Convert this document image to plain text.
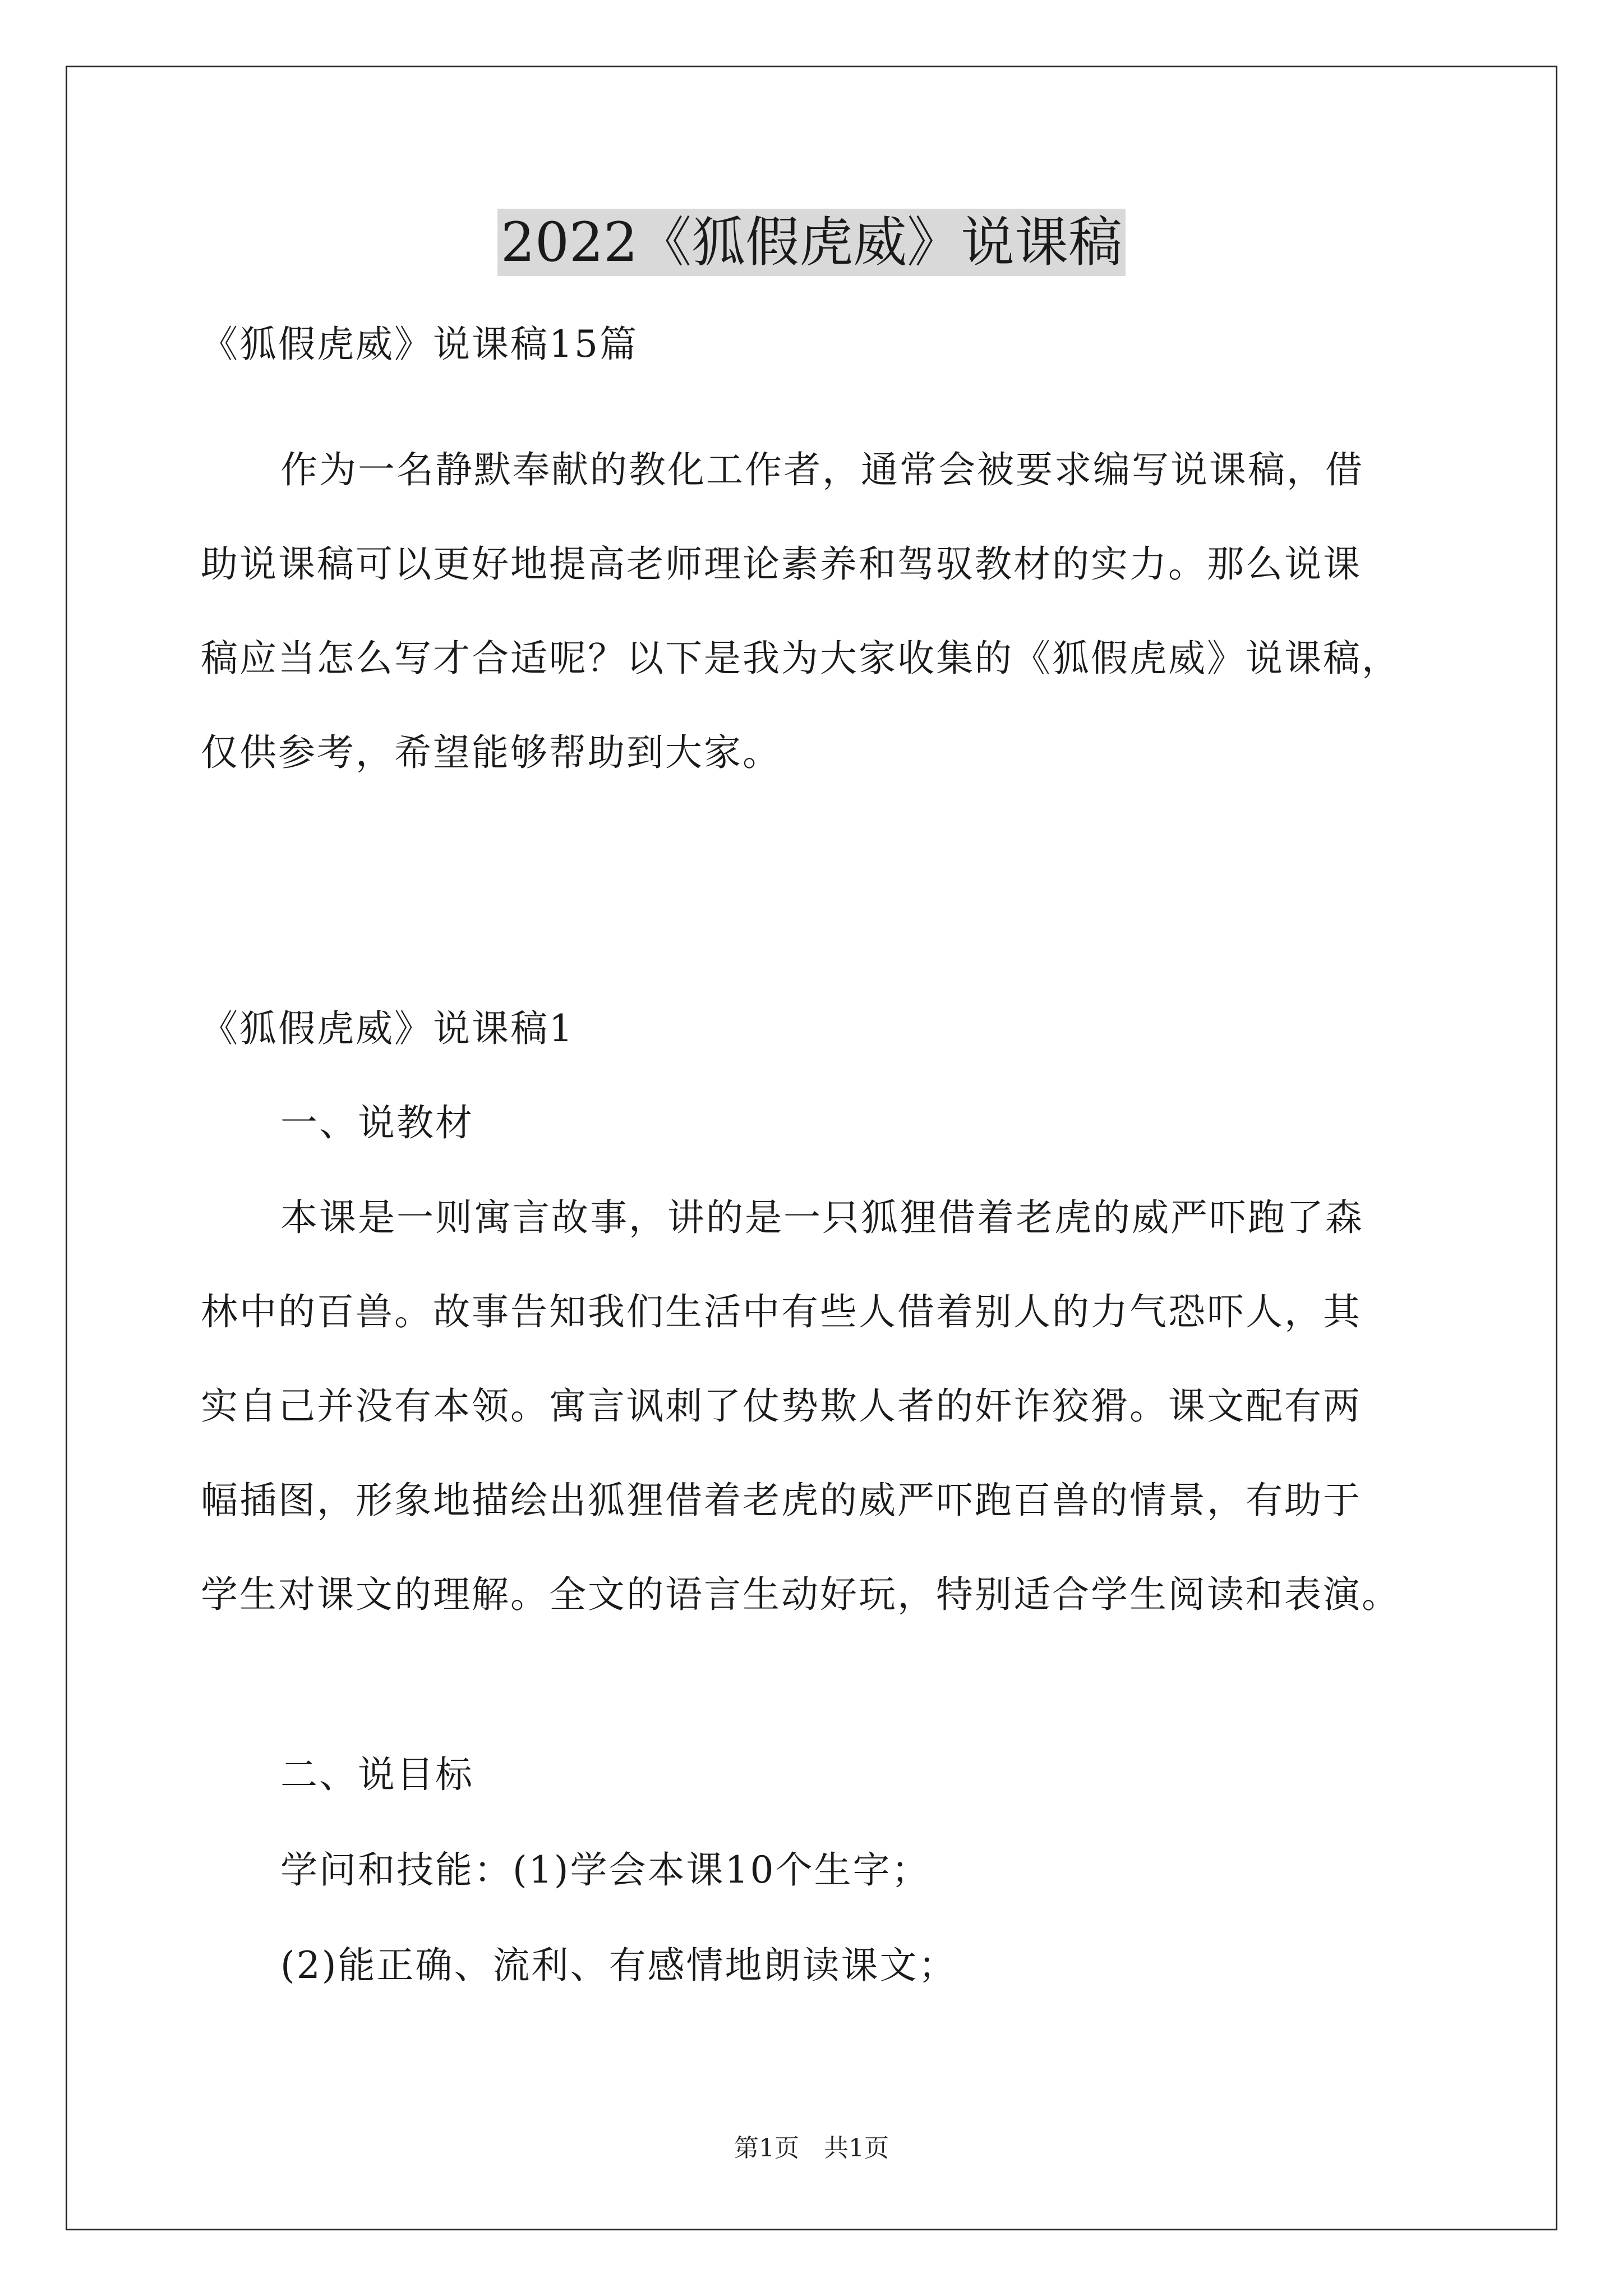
2022《狐假虎威》说课稿
《狐假虎威》说课稿15篇
作为一名静默奉献的教化工作者，通常会被要求编写说课稿，借
助说课稿可以更好地提高老师理论素养和驾驭教材的实力。那么说课
稿应当怎么写才合适呢？以下是我为大家收集的《狐假虎威》说课稿，
仅供参考，希望能够帮助到大家。
《狐假虎威》说课稿1
一、说教材
本课是一则寓言故事，讲的是一只狐狸借着老虎的威严吓跑了森
林中的百兽。故事告知我们生活中有些人借着别人的力气恐吓人，其
实自己并没有本领。寓言讽刺了仗势欺人者的奸诈狡猾。课文配有两
幅插图，形象地描绘出狐狸借着老虎的威严吓跑百兽的情景，有助于
学生对课文的理解。全文的语言生动好玩，特别适合学生阅读和表演。
二、说目标
学问和技能：(1)学会本课10个生字；
(2)能正确、流利、有感情地朗读课文；
第1页　共1页
